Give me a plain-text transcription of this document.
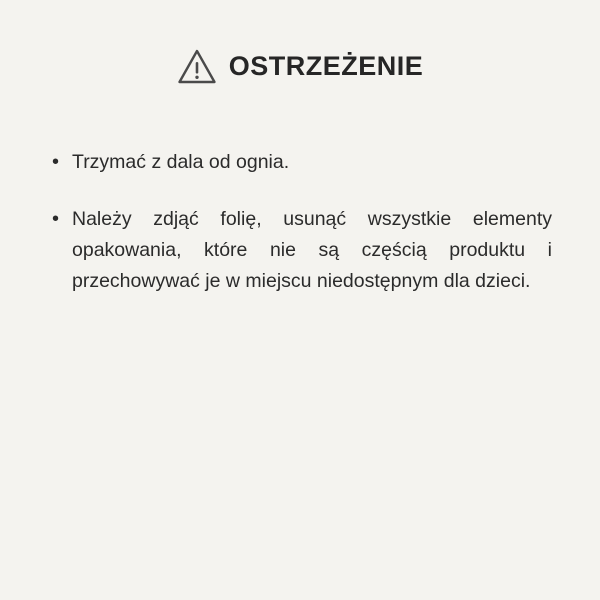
OSTRZEŻENIE
• Trzymać z dala od ognia.
• Należy zdjąć folię, usunąć wszystkie elementy opakowania, które nie są częścią produktu i przechowywać je w miejscu niedostępnym dla dzieci.
